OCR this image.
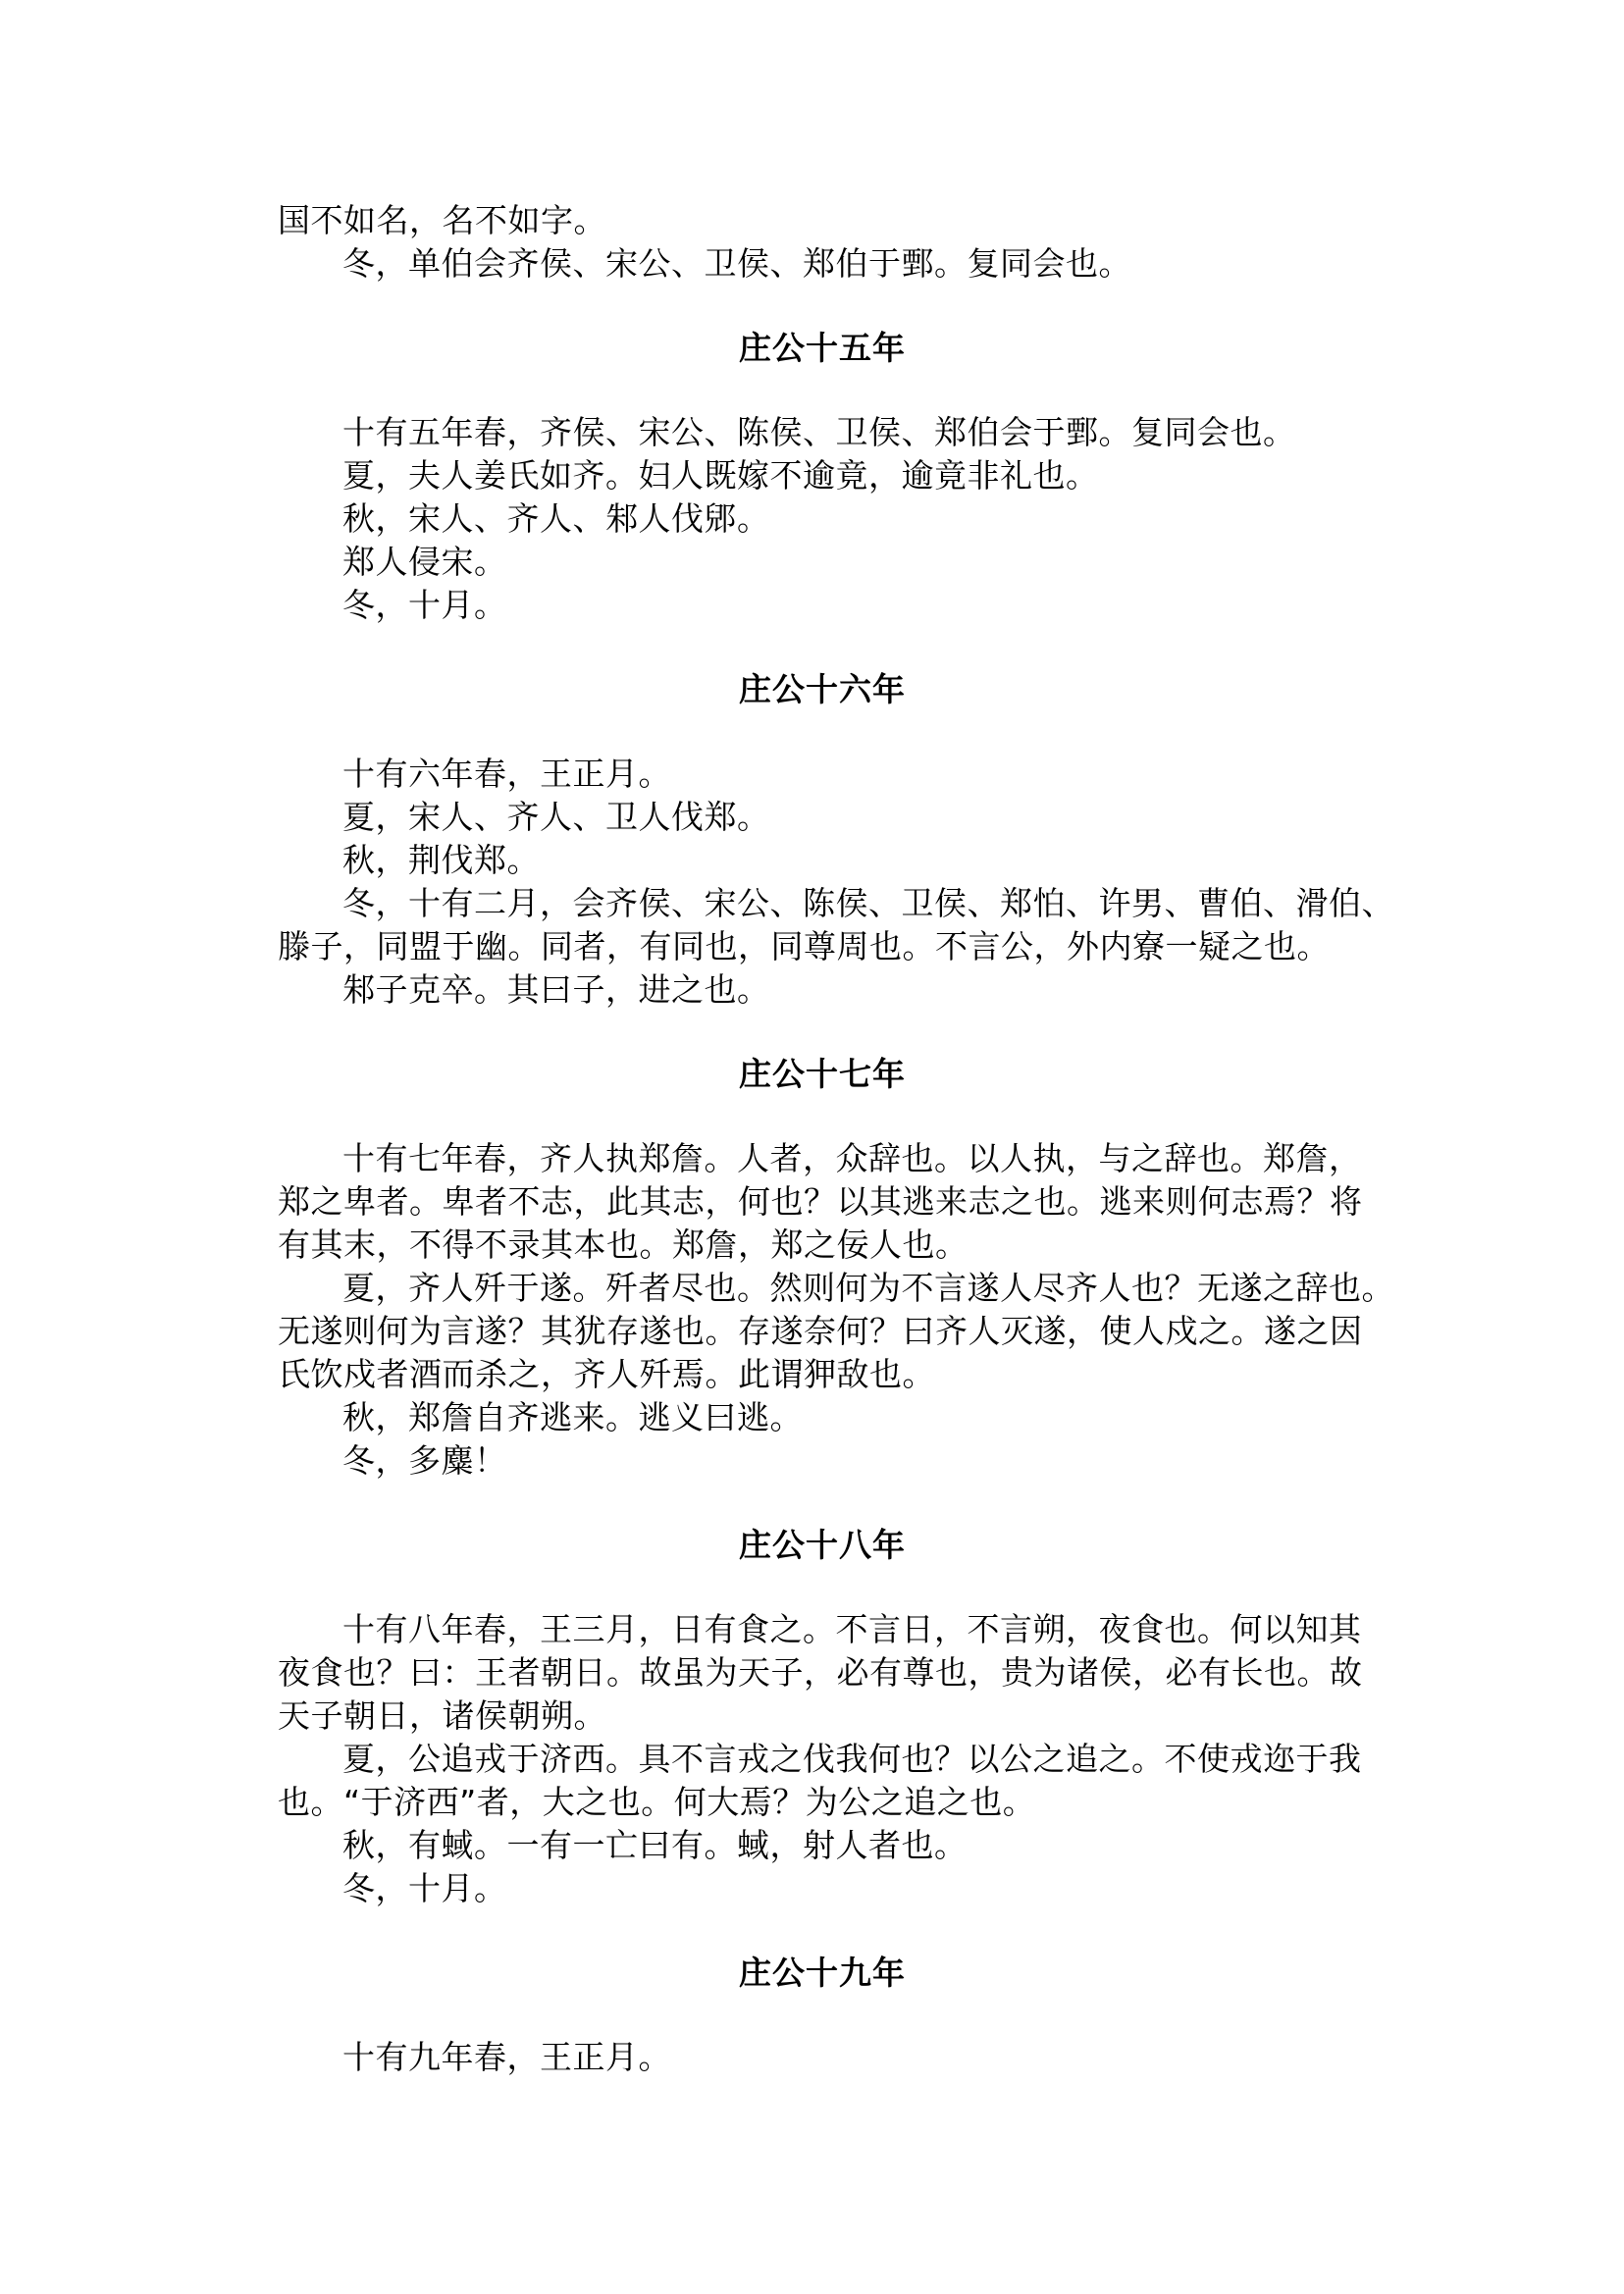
国不如名，名不如字。
冬，单伯会齐侯、宋公、卫侯、郑伯于鄄。复同会也。
庄公十五年
十有五年春，齐侯、宋公、陈侯、卫侯、郑伯会于鄄。复同会也。
夏，夫人姜氏如齐。妇人既嫁不逾竟，逾竟非礼也。
秋，宋人、齐人、邾人伐郳。
郑人侵宋。
冬，十月。
庄公十六年
十有六年春，王正月。
夏，宋人、齐人、卫人伐郑。
秋，荆伐郑。
冬，十有二月，会齐侯、宋公、陈侯、卫侯、郑怕、许男、曹伯、滑伯、
滕子，同盟于幽。同者，有同也，同尊周也。不言公，外内寮一疑之也。
邾子克卒。其曰子，进之也。
庄公十七年
十有七年春，齐人执郑詹。人者，众辞也。以人执，与之辞也。郑詹，
郑之卑者。卑者不志，此其志，何也？以其逃来志之也。逃来则何志焉？将
有其末，不得不录其本也。郑詹，郑之佞人也。
夏，齐人歼于遂。歼者尽也。然则何为不言遂人尽齐人也？无遂之辞也。
无遂则何为言遂？其犹存遂也。存遂奈何？曰齐人灭遂，使人戍之。遂之因
氏饮戍者酒而杀之，齐人歼焉。此谓狎敌也。
秋，郑詹自齐逃来。逃义曰逃。
冬，多麋！
庄公十八年
十有八年春，王三月，日有食之。不言日，不言朔，夜食也。何以知其
夜食也？曰：王者朝日。故虽为天子，必有尊也，贵为诸侯，必有长也。故
天子朝日，诸侯朝朔。
夏，公追戎于济西。具不言戎之伐我何也？以公之追之。不使戎迩于我
也。“于济西”者，大之也。何大焉？为公之追之也。
秋，有蜮。一有一亡曰有。蜮，射人者也。
冬，十月。
庄公十九年
十有九年春，王正月。
